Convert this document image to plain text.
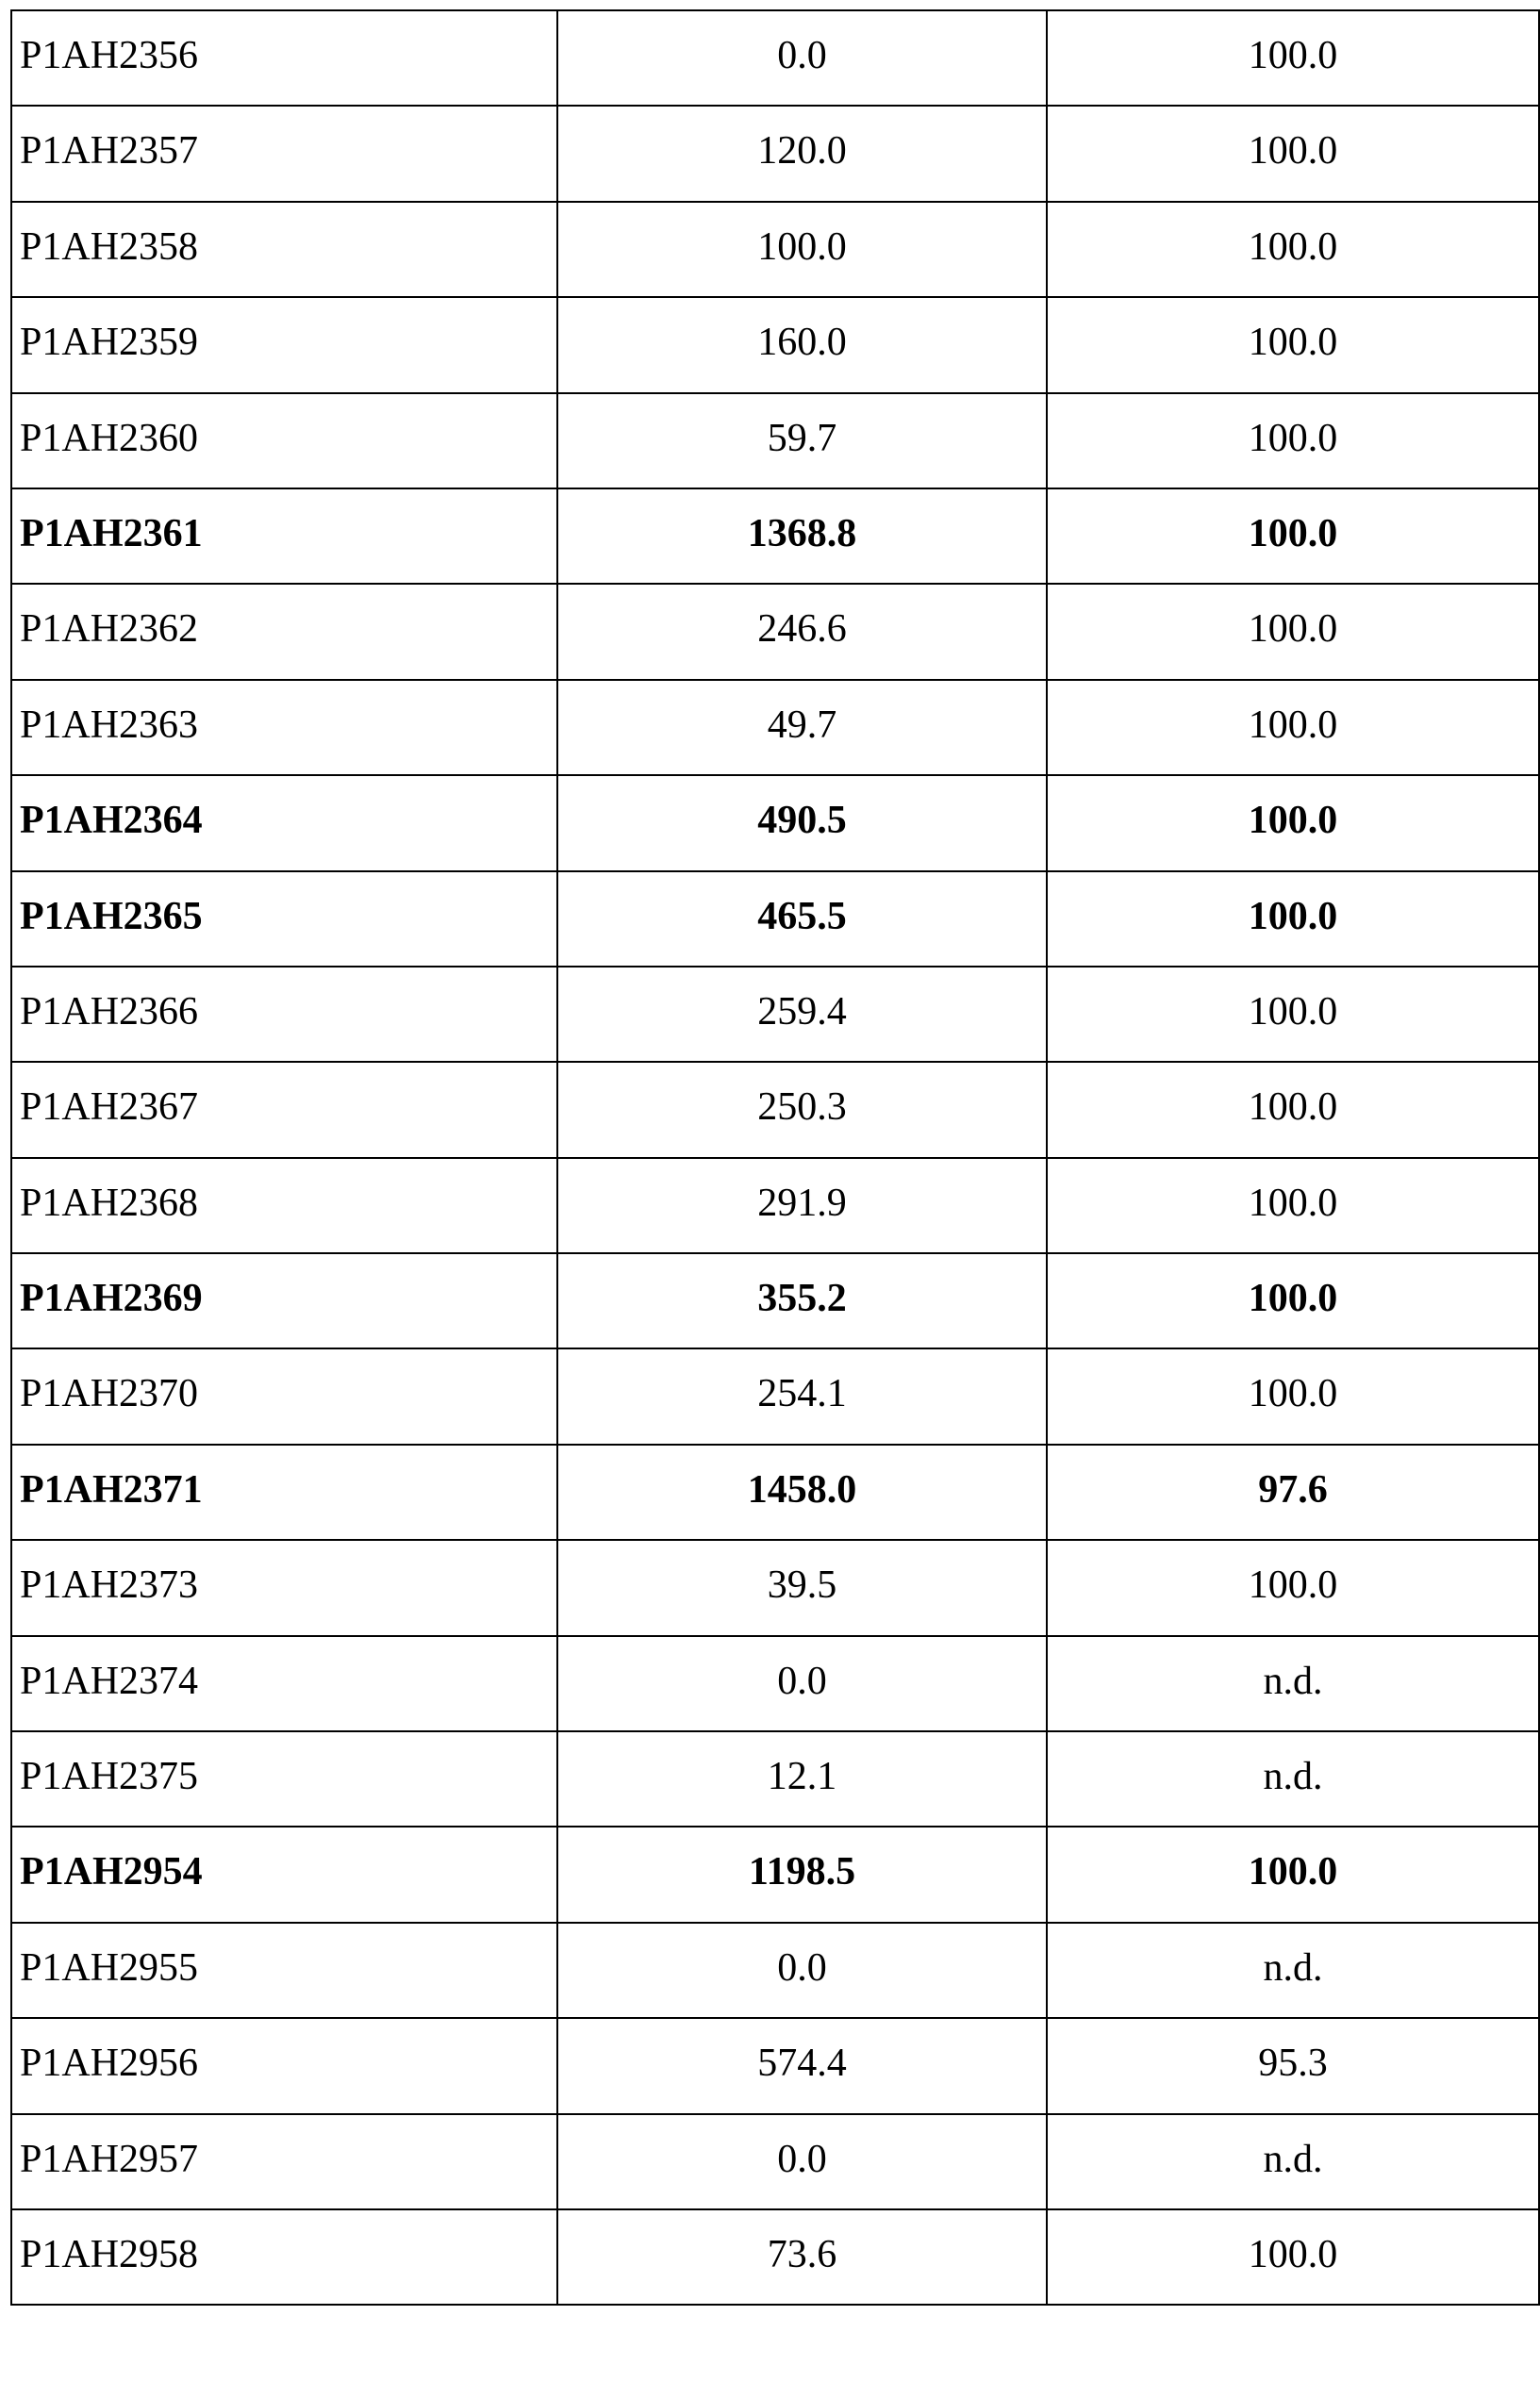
P1AH2356	0.0	100.0
P1AH2357	120.0	100.0
P1AH2358	100.0	100.0
P1AH2359	160.0	100.0
P1AH2360	59.7	100.0
P1AH2361	1368.8	100.0
P1AH2362	246.6	100.0
P1AH2363	49.7	100.0
P1AH2364	490.5	100.0
P1AH2365	465.5	100.0
P1AH2366	259.4	100.0
P1AH2367	250.3	100.0
P1AH2368	291.9	100.0
P1AH2369	355.2	100.0
P1AH2370	254.1	100.0
P1AH2371	1458.0	97.6
P1AH2373	39.5	100.0
P1AH2374	0.0	n.d.
P1AH2375	12.1	n.d.
P1AH2954	1198.5	100.0
P1AH2955	0.0	n.d.
P1AH2956	574.4	95.3
P1AH2957	0.0	n.d.
P1AH2958	73.6	100.0
